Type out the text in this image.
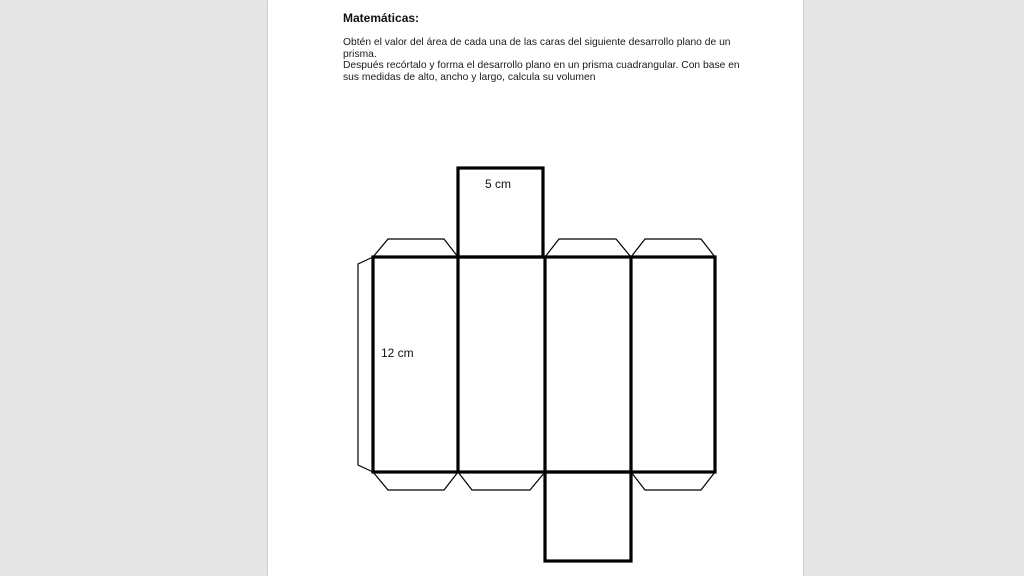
Matemáticas:
Obtén el valor del área de cada una de las caras del siguiente desarrollo plano de un prisma.
Después recórtalo y forma el desarrollo plano en un prisma cuadrangular. Con base en sus medidas de alto, ancho y largo, calcula su volumen
5 cm
12 cm
